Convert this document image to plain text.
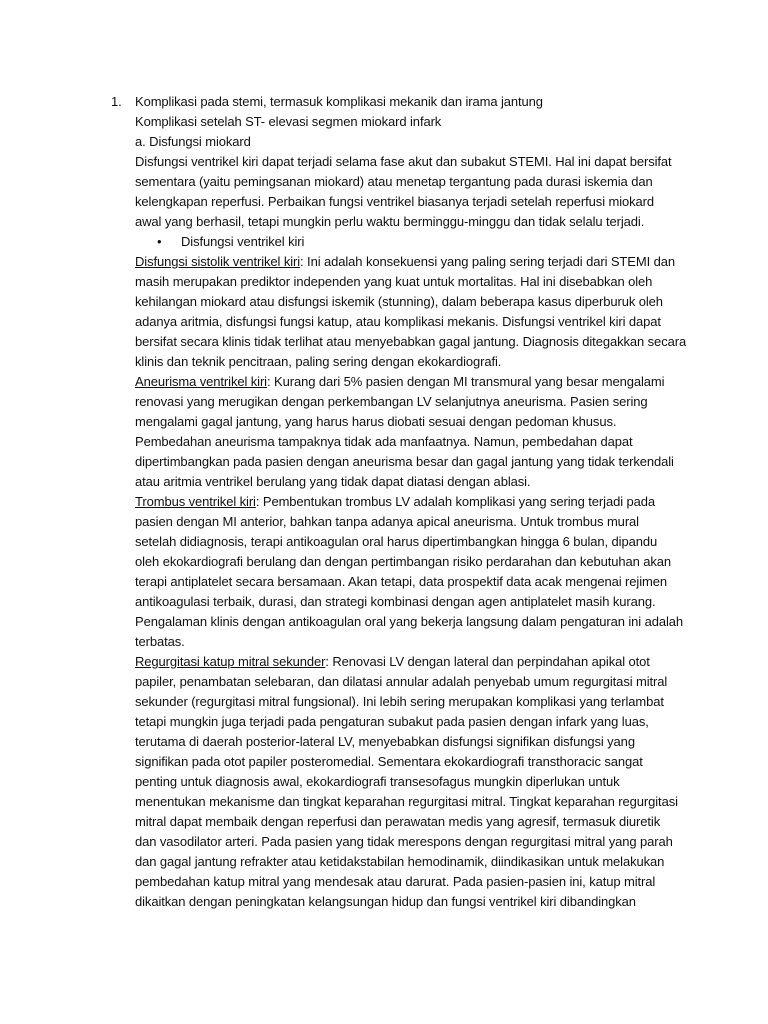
1. Komplikasi pada stemi, termasuk komplikasi mekanik dan irama jantung
Komplikasi setelah ST- elevasi segmen miokard infark
a. Disfungsi miokard
Disfungsi ventrikel kiri dapat terjadi selama fase akut dan subakut STEMI. Hal ini dapat bersifat
sementara (yaitu pemingsanan miokard) atau menetap tergantung pada durasi iskemia dan
kelengkapan reperfusi. Perbaikan fungsi ventrikel biasanya terjadi setelah reperfusi miokard
awal yang berhasil, tetapi mungkin perlu waktu berminggu-minggu dan tidak selalu terjadi.
• Disfungsi ventrikel kiri
Disfungsi sistolik ventrikel kiri: Ini adalah konsekuensi yang paling sering terjadi dari STEMI dan
masih merupakan prediktor independen yang kuat untuk mortalitas. Hal ini disebabkan oleh
kehilangan miokard atau disfungsi iskemik (stunning), dalam beberapa kasus diperburuk oleh
adanya aritmia, disfungsi fungsi katup, atau komplikasi mekanis. Disfungsi ventrikel kiri dapat
bersifat secara klinis tidak terlihat atau menyebabkan gagal jantung. Diagnosis ditegakkan secara
klinis dan teknik pencitraan, paling sering dengan ekokardiografi.
Aneurisma ventrikel kiri: Kurang dari 5% pasien dengan MI transmural yang besar mengalami
renovasi yang merugikan dengan perkembangan LV selanjutnya aneurisma. Pasien sering
mengalami gagal jantung, yang harus harus diobati sesuai dengan pedoman khusus.
Pembedahan aneurisma tampaknya tidak ada manfaatnya. Namun, pembedahan dapat
dipertimbangkan pada pasien dengan aneurisma besar dan gagal jantung yang tidak terkendali
atau aritmia ventrikel berulang yang tidak dapat diatasi dengan ablasi.
Trombus ventrikel kiri: Pembentukan trombus LV adalah komplikasi yang sering terjadi pada
pasien dengan MI anterior, bahkan tanpa adanya apical aneurisma. Untuk trombus mural
setelah didiagnosis, terapi antikoagulan oral harus dipertimbangkan hingga 6 bulan, dipandu
oleh ekokardiografi berulang dan dengan pertimbangan risiko perdarahan dan kebutuhan akan
terapi antiplatelet secara bersamaan. Akan tetapi, data prospektif data acak mengenai rejimen
antikoagulasi terbaik, durasi, dan strategi kombinasi dengan agen antiplatelet masih kurang.
Pengalaman klinis dengan antikoagulan oral yang bekerja langsung dalam pengaturan ini adalah
terbatas.
Regurgitasi katup mitral sekunder: Renovasi LV dengan lateral dan perpindahan apikal otot
papiler, penambatan selebaran, dan dilatasi annular adalah penyebab umum regurgitasi mitral
sekunder (regurgitasi mitral fungsional). Ini lebih sering merupakan komplikasi yang terlambat
tetapi mungkin juga terjadi pada pengaturan subakut pada pasien dengan infark yang luas,
terutama di daerah posterior-lateral LV, menyebabkan disfungsi signifikan disfungsi yang
signifikan pada otot papiler posteromedial. Sementara ekokardiografi transthoracic sangat
penting untuk diagnosis awal, ekokardiografi transesofagus mungkin diperlukan untuk
menentukan mekanisme dan tingkat keparahan regurgitasi mitral. Tingkat keparahan regurgitasi
mitral dapat membaik dengan reperfusi dan perawatan medis yang agresif, termasuk diuretik
dan vasodilator arteri. Pada pasien yang tidak merespons dengan regurgitasi mitral yang parah
dan gagal jantung refrakter atau ketidakstabilan hemodinamik, diindikasikan untuk melakukan
pembedahan katup mitral yang mendesak atau darurat. Pada pasien-pasien ini, katup mitral
dikaitkan dengan peningkatan kelangsungan hidup dan fungsi ventrikel kiri dibandingkan
